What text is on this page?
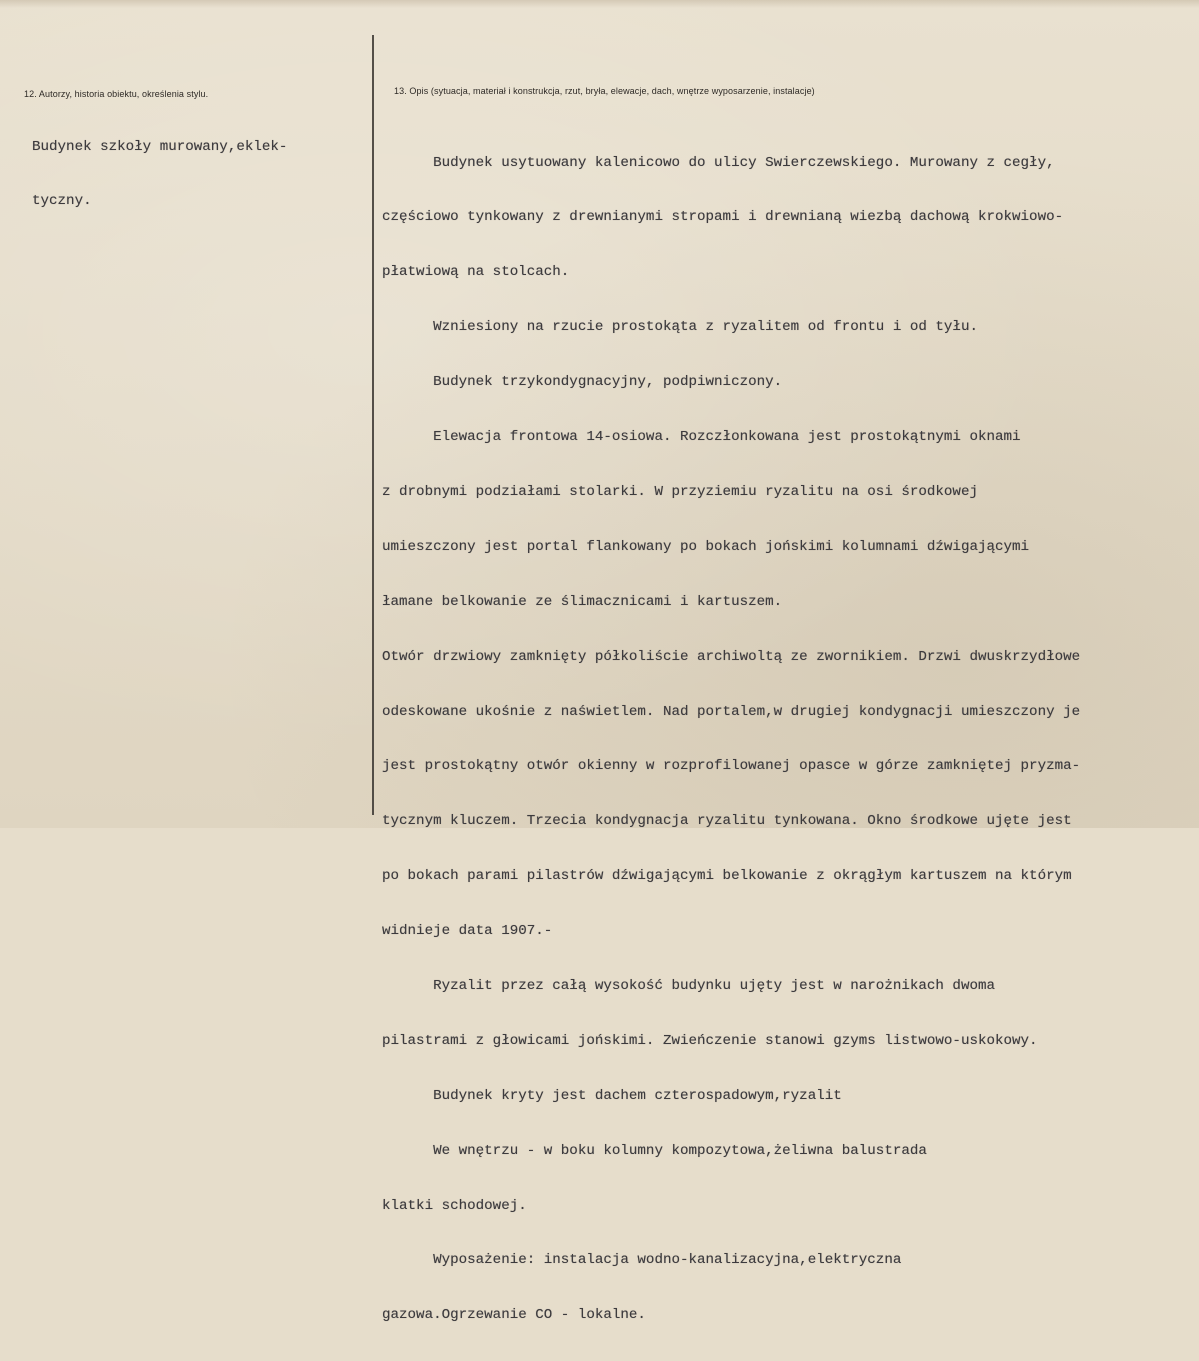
12. Autorzy, historia obiektu, określenia stylu.	13. Opis (sytuacja, materiał i konstrukcja, rzut, bryła, elewacje, dach, wnętrze wyposarzenie, instalacje)

Budynek szkoły murowany,eklek-

tyczny.

Budynek usytuowany kalenicowo do ulicy Swierczewskiego. Murowany z cegły,

częściowo tynkowany z drewnianymi stropami i drewnianą wiezbą dachową krokwiowo-

płatwiową na stolcach.

Wzniesiony na rzucie prostokąta z ryzalitem od frontu i od tyłu.

Budynek trzykondygnacyjny, podpiwniczony.

Elewacja frontowa 14-osiowa. Rozczłonkowana jest prostokątnymi oknami

z drobnymi podziałami stolarki. W przyziemiu ryzalitu na osi środkowej

umieszczony jest portal flankowany po bokach jońskimi kolumnami dźwigającymi

łamane belkowanie ze ślimacznicami i kartuszem.

Otwór drzwiowy zamknięty półkoliście archiwoltą ze zwornikiem. Drzwi dwuskrzydłowe

odeskowane ukośnie z naświetlem. Nad portalem,w drugiej kondygnacji umieszczony je

jest prostokątny otwór okienny w rozprofilowanej opasce w górze zamkniętej pryzma-

tycznym kluczem. Trzecia kondygnacja ryzalitu tynkowana. Okno środkowe ujęte jest

po bokach parami pilastrów dźwigającymi belkowanie z okrągłym kartuszem na którym

widnieje data 1907.-

Ryzalit przez całą wysokość budynku ujęty jest w narożnikach dwoma

pilastrami z głowicami jońskimi. Zwieńczenie stanowi gzyms listwowo-uskokowy.

Budynek kryty jest dachem czterospadowym,ryzalit

We wnętrzu - w boku kolumny kompozytowa,żeliwna balustrada

klatki schodowej.

Wyposażenie: instalacja wodno-kanalizacyjna,elektryczna

gazowa.Ogrzewanie CO - lokalne.
